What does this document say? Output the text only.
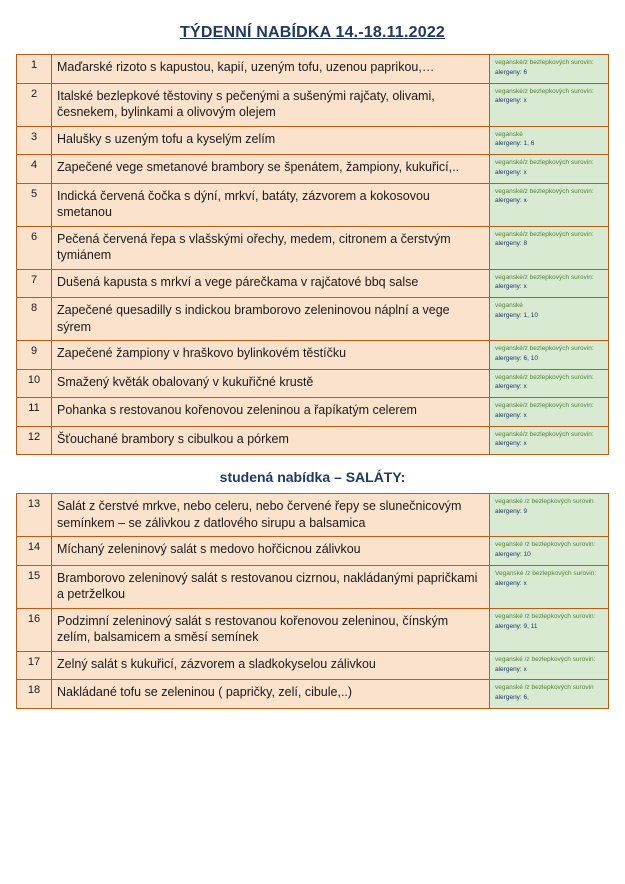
TÝDENNÍ NABÍDKA 14.-18.11.2022
1	Maďarské rizoto s kapustou, kapií, uzeným tofu, uzenou paprikou,…	veganské/z bezlepkových surovin:
alergeny: 6

2	Italské bezlepkové těstoviny s pečenými a sušenými rajčaty, olivami, česnekem, bylinkami a olivovým olejem	veganské/z bezlepkových surovin:
alergeny: x

3	Halušky s uzeným tofu a kyselým zelím	veganské
alergeny: 1, 6

4	Zapečené vege smetanové brambory se špenátem, žampiony, kukuřicí,..	veganské/z bezlepkových surovin:
alergeny: x

5	Indická červená čočka s dýní, mrkví, batáty, zázvorem a kokosovou smetanou	veganské/z bezlepkových surovin:
alergeny: x

6	Pečená červená řepa s vlašskými ořechy, medem, citronem a čerstvým tymiánem	veganské/z bezlepkových surovin:
alergeny: 8

7	Dušená kapusta s mrkví a vege párečkama v rajčatové bbq salse	veganské/z bezlepkových surovin:
alergeny: x

8	Zapečené quesadilly s indickou bramborovo zeleninovou náplní a vege sýrem	veganské
alergeny: 1, 10

9	Zapečené žampiony v hraškovo bylinkovém těstíčku	veganské/z bezlepkových surovin:
alergeny: 6, 10

10	Smažený květák obalovaný v kukuřičné krustě	veganské/z bezlepkových surovin:
alergeny: x

11	Pohanka s restovanou kořenovou zeleninou a řapíkatým celerem	veganské/z bezlepkových surovin:
alergeny: x

12	Šťouchané brambory s cibulkou a pórkem	veganské/z bezlepkových surovin:
alergeny: x
studená nabídka – SALÁTY:
13	Salát z čerstvé mrkve, nebo celeru, nebo červené řepy se slunečnicovým semínkem – se zálivkou z datlového sirupu a balsamica	veganské /z bezlepkových surovin
alergeny: 9

14	Míchaný zeleninový salát s medovo hořčicnou zálivkou	veganské /z bezlepkových surovin:
alergeny: 10

15	Bramborovo zeleninový salát s restovanou cizrnou, nakládanými papričkami a petrželkou	Veganské /z bezlepkových surovin:
alergeny: x

16	Podzimní zeleninový salát s restovanou kořenovou zeleninou, čínským zelím, balsamicem a směsí semínek	veganské /z bezlepkových surovin:
alergeny: 9, 11

17	Zelný salát s kukuřicí, zázvorem a sladkokyselou zálivkou	veganské /z bezlepkových surovin:
alergeny: x

18	Nakládané tofu se zeleninou ( papričky, zelí, cibule,..)	veganské /z bezlepkových surovin
alergeny: 6,
